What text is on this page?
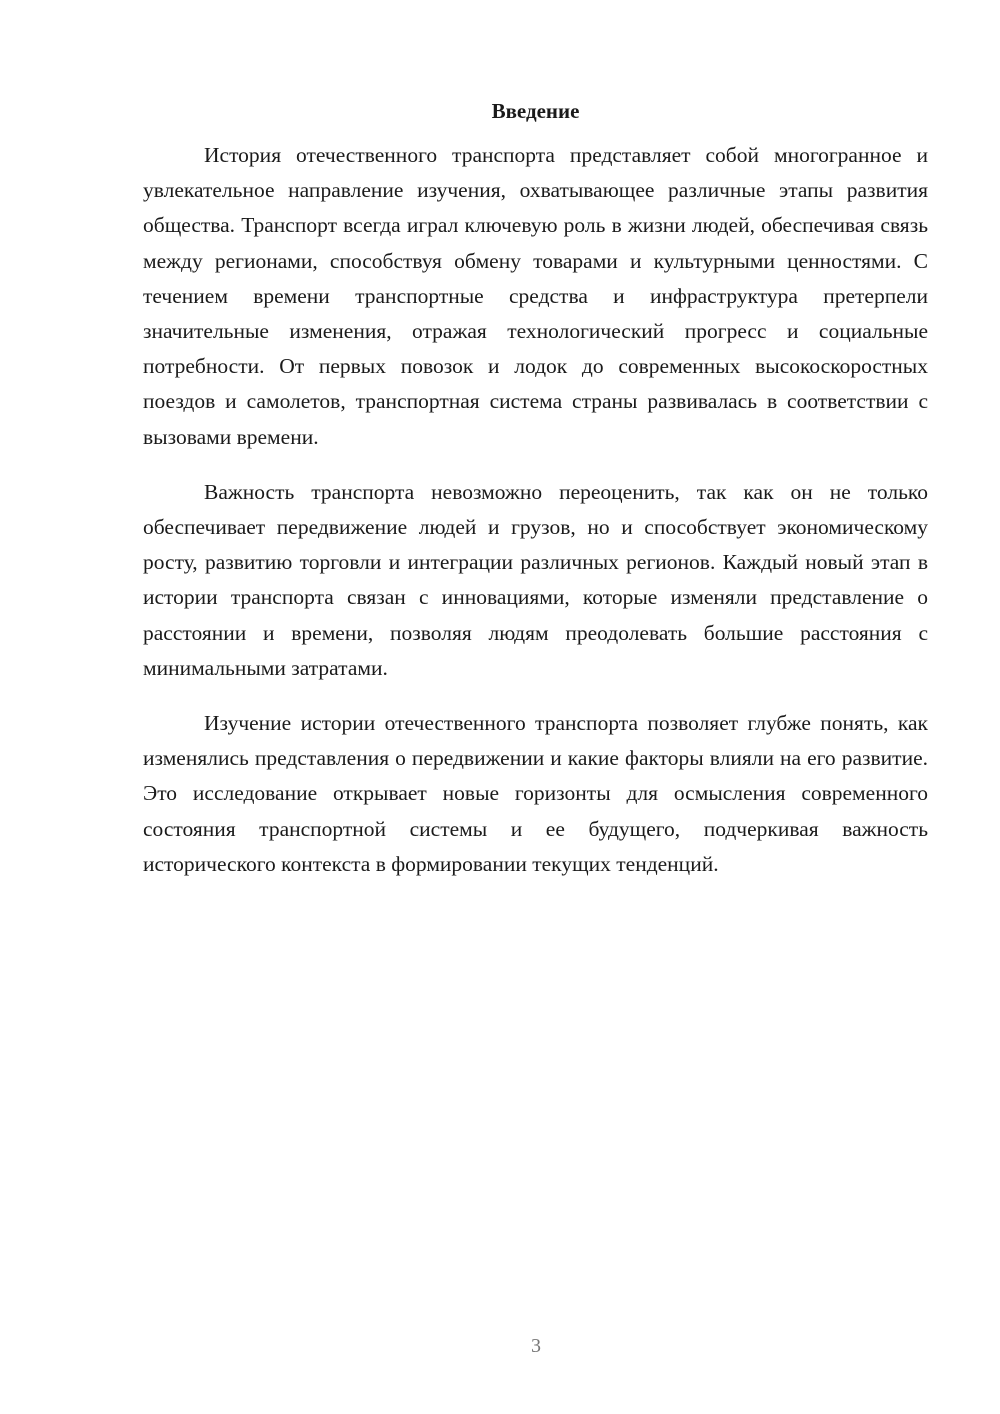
Введение

История отечественного транспорта представляет собой многогранное и увлекательное направление изучения, охватывающее различные этапы развития общества. Транспорт всегда играл ключевую роль в жизни людей, обеспечивая связь между регионами, способствуя обмену товарами и культурными ценностями. С течением времени транспортные средства и инфраструктура претерпели значительные изменения, отражая технологический прогресс и социальные потребности. От первых повозок и лодок до современных высокоскоростных поездов и самолетов, транспортная система страны развивалась в соответствии с вызовами времени.

Важность транспорта невозможно переоценить, так как он не только обеспечивает передвижение людей и грузов, но и способствует экономическому росту, развитию торговли и интеграции различных регионов. Каждый новый этап в истории транспорта связан с инновациями, которые изменяли представление о расстоянии и времени, позволяя людям преодолевать большие расстояния с минимальными затратами.

Изучение истории отечественного транспорта позволяет глубже понять, как изменялись представления о передвижении и какие факторы влияли на его развитие. Это исследование открывает новые горизонты для осмысления современного состояния транспортной системы и ее будущего, подчеркивая важность исторического контекста в формировании текущих тенденций.

3
